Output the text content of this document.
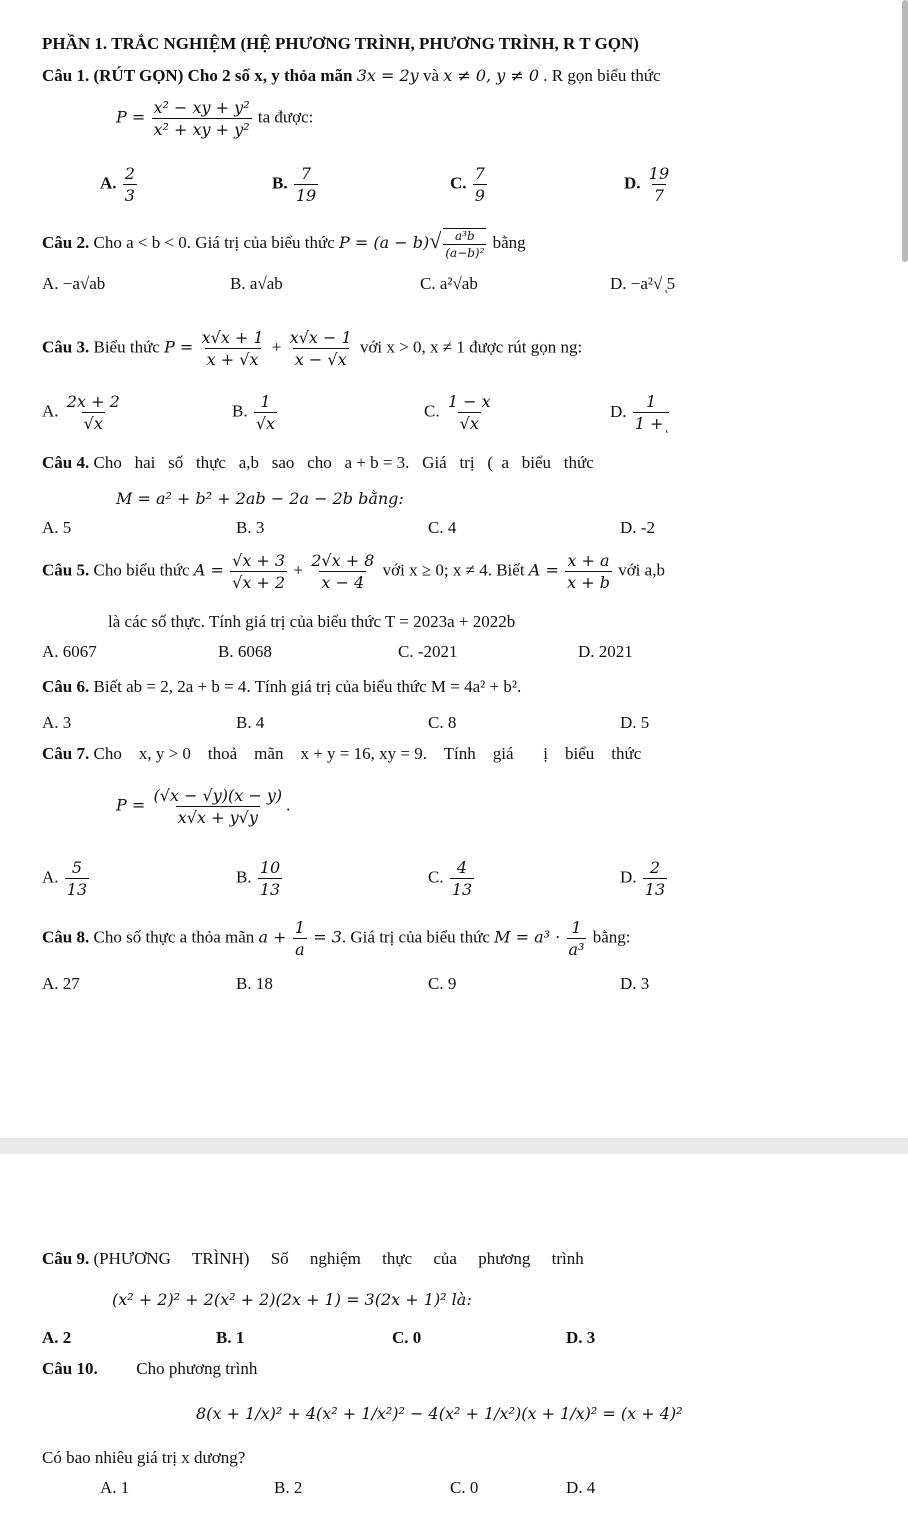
PHẦN 1. TRẮC NGHIỆM (HỆ PHƯƠNG TRÌNH, PHƯƠNG TRÌNH, R T GỌN)
Câu 1. (RÚT GỌN) Cho 2 số x, y thỏa mãn 3x = 2y và x ≠ 0, y ≠ 0 . R gọn biểu thức
$P = \frac{\text{x² − xy + y²}}{\text{x² + xy + y²}}$ ta được:
A. $\frac{2}{3}$	B. $\frac{7}{19}$	C. $\frac{7}{9}$	D. $\frac{19}{7}$
Câu 2. Cho a < b < 0. Giá trị của biểu thức $P = (a - b)√ \frac{\text{a³b}}{\text{(a−b)²}}$ bằng
A. −a√ab	B. a√ab	C. a²√ab	D. −a²√ ͅ5
Câu 3. Biểu thức $P = \frac{x√x + 1}{x + √x} + \frac{x√x - 1}{x - √x}$ với x > 0, x ≠ 1 được rút gọn ng:
A. $\frac{2x + 2}{√x}$	B. $\frac{1}{√x}$	C. $\frac{1 - x}{√x}$	D. $\frac{1}{1 + ͅ}$
Câu 4. Cho   hai   số   thực   a,b   sao   cho   a + b = 3.   Giá   trị   (  a   biểu   thức
M = a² + b² + 2ab − 2a − 2b bằng:
A. 5	B. 3	C. 4	D. -2
Câu 5. Cho biểu thức $A = \frac{√x + 3}{√x + 2} + \frac{2√x + 8}{x - 4}$ với x ≥ 0; x ≠ 4. Biết $A = \frac{x + a}{x + b}$ với a,b
là các số thực. Tính giá trị của biểu thức T = 2023a + 2022b
A. 6067	B. 6068	C. -2021	D. 2021
Câu 6. Biết ab = 2, 2a + b = 4. Tính giá trị của biểu thức M = 4a² + b².
A. 3	B. 4	C. 8	D. 5
Câu 7. Cho    x, y > 0    thoả    mãn    x + y = 16, xy = 9.    Tính    giá       ị    biểu    thức
$P = \frac{(√x - √y)(x - y)}{x√x + y√y}$ .
A. $\frac{5}{13}$	B. $\frac{10}{13}$	C. $\frac{4}{13}$	D. $\frac{2}{13}$
Câu 8. Cho số thực a thỏa mãn $a + \frac{1}{a} = 3$. Giá trị của biểu thức $M = a^3 \cdot \frac{1}{\text{a³}}$ bằng:
A. 27	B. 18	C. 9	D. 3
Câu 9. (PHƯƠNG     TRÌNH)     Số     nghiệm     thực     của     phương     trình
(x² + 2)² + 2(x² + 2)(2x + 1) = 3(2x + 1)² là:
A. 2	B. 1	C. 0	D. 3
Câu 10. Cho phương trình
8(x + 1/x)² + 4(x² + 1/x²)² − 4(x² + 1/x²)(x + 1/x)² = (x + 4)²
Có bao nhiêu giá trị x dương?
A. 1	B. 2	C. 0	D. 4
